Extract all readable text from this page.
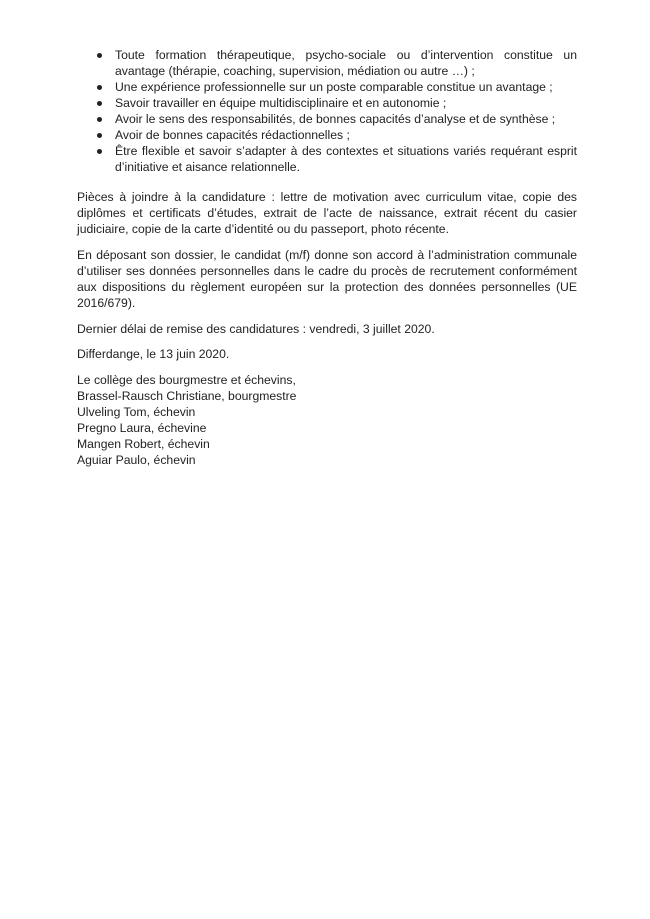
Toute formation thérapeutique, psycho-sociale ou d’intervention constitue un avantage (thérapie, coaching, supervision, médiation ou autre …) ;
Une expérience professionnelle sur un poste comparable constitue un avantage ;
Savoir travailler en équipe multidisciplinaire et en autonomie ;
Avoir le sens des responsabilités, de bonnes capacités d’analyse et de synthèse ;
Avoir de bonnes capacités rédactionnelles ;
Être flexible et savoir s’adapter à des contextes et situations variés requérant esprit d’initiative et aisance relationnelle.

Pièces à joindre à la candidature : lettre de motivation avec curriculum vitae, copie des diplômes et certificats d’études, extrait de l’acte de naissance, extrait récent du casier judiciaire, copie de la carte d’identité ou du passeport, photo récente.

En déposant son dossier, le candidat (m/f) donne son accord à l’administration communale d’utiliser ses données personnelles dans le cadre du procès de recrutement conformément aux dispositions du règlement européen sur la protection des données personnelles (UE 2016/679).

Dernier délai de remise des candidatures : vendredi, 3 juillet 2020.

Differdange, le 13 juin 2020.

Le collège des bourgmestre et échevins,
Brassel-Rausch Christiane, bourgmestre
Ulveling Tom, échevin
Pregno Laura, échevine
Mangen Robert, échevin
Aguiar Paulo, échevin
